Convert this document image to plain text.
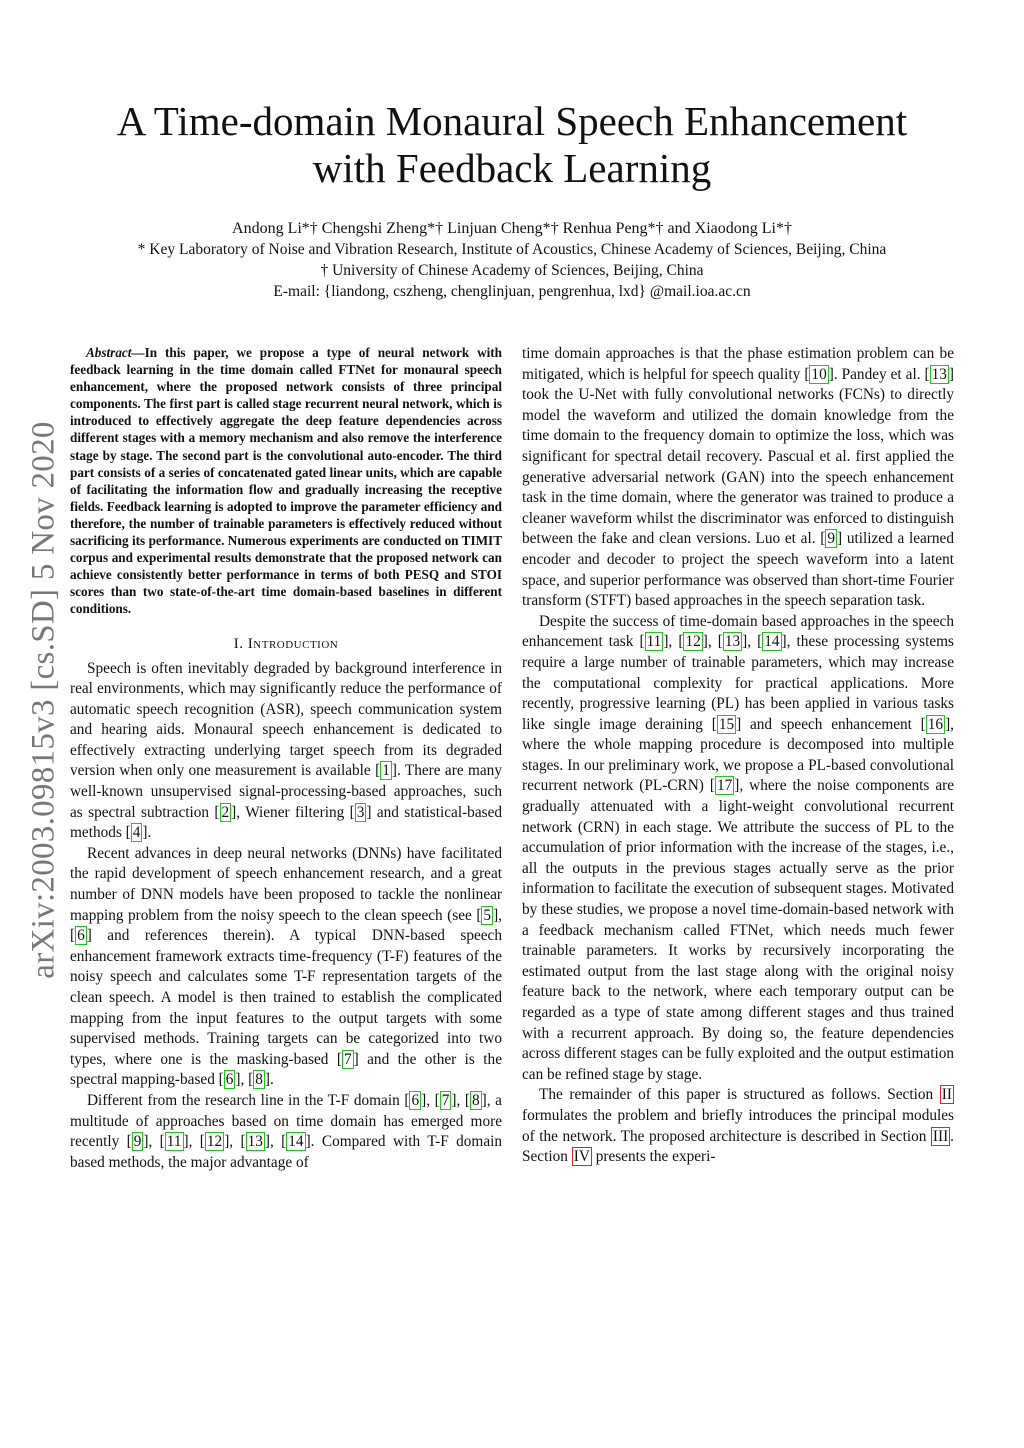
arXiv:2003.09815v3 [cs.SD] 5 Nov 2020
A Time-domain Monaural Speech Enhancement
with Feedback Learning
Andong Li*† Chengshi Zheng*† Linjuan Cheng*† Renhua Peng*† and Xiaodong Li*†
* Key Laboratory of Noise and Vibration Research, Institute of Acoustics, Chinese Academy of Sciences, Beijing, China
† University of Chinese Academy of Sciences, Beijing, China
E-mail: {liandong, cszheng, chenglinjuan, pengrenhua, lxd} @mail.ioa.ac.cn

Abstract—In this paper, we propose a type of neural network with feedback learning in the time domain called FTNet for monaural speech enhancement, where the proposed network consists of three principal components. The first part is called stage recurrent neural network, which is introduced to effectively aggregate the deep feature dependencies across different stages with a memory mechanism and also remove the interference stage by stage. The second part is the convolutional auto-encoder. The third part consists of a series of concatenated gated linear units, which are capable of facilitating the information flow and gradually increasing the receptive fields. Feedback learning is adopted to improve the parameter efficiency and therefore, the number of trainable parameters is effectively reduced without sacrificing its performance. Numerous experiments are conducted on TIMIT corpus and experimental results demonstrate that the proposed network can achieve consistently better performance in terms of both PESQ and STOI scores than two state-of-the-art time domain-based baselines in different conditions.

I. Introduction

Speech is often inevitably degraded by background interference in real environments, which may significantly reduce the performance of automatic speech recognition (ASR), speech communication system and hearing aids. Monaural speech enhancement is dedicated to effectively extracting underlying target speech from its degraded version when only one measurement is available [ 1 ]. There are many well-known unsupervised signal-processing-based approaches, such as spectral subtraction [ 2 ], Wiener filtering [ 3 ] and statistical-based methods [ 4 ].

Recent advances in deep neural networks (DNNs) have facilitated the rapid development of speech enhancement research, and a great number of DNN models have been proposed to tackle the nonlinear mapping problem from the noisy speech to the clean speech (see [ 5 ], [ 6 ] and references therein). A typical DNN-based speech enhancement framework extracts time-frequency (T-F) features of the noisy speech and calculates some T-F representation targets of the clean speech. A model is then trained to establish the complicated mapping from the input features to the output targets with some supervised methods. Training targets can be categorized into two types, where one is the masking-based [ 7 ] and the other is the spectral mapping-based [ 6 ], [ 8 ].

Different from the research line in the T-F domain [ 6 ], [ 7 ], [ 8 ], a multitude of approaches based on time domain has emerged more recently [ 9 ], [ 11 ], [ 12 ], [ 13 ], [ 14 ]. Compared with T-F domain based methods, the major advantage of

time domain approaches is that the phase estimation problem can be mitigated, which is helpful for speech quality [ 10 ]. Pandey et al. [ 13 ] took the U-Net with fully convolutional networks (FCNs) to directly model the waveform and utilized the domain knowledge from the time domain to the frequency domain to optimize the loss, which was significant for spectral detail recovery. Pascual et al. first applied the generative adversarial network (GAN) into the speech enhancement task in the time domain, where the generator was trained to produce a cleaner waveform whilst the discriminator was enforced to distinguish between the fake and clean versions. Luo et al. [ 9 ] utilized a learned encoder and decoder to project the speech waveform into a latent space, and superior performance was observed than short-time Fourier transform (STFT) based approaches in the speech separation task.

Despite the success of time-domain based approaches in the speech enhancement task [ 11 ], [ 12 ], [ 13 ], [ 14 ], these processing systems require a large number of trainable parameters, which may increase the computational complexity for practical applications. More recently, progressive learning (PL) has been applied in various tasks like single image deraining [ 15 ] and speech enhancement [ 16 ], where the whole mapping procedure is decomposed into multiple stages. In our preliminary work, we propose a PL-based convolutional recurrent network (PL-CRN) [ 17 ], where the noise components are gradually attenuated with a light-weight convolutional recurrent network (CRN) in each stage. We attribute the success of PL to the accumulation of prior information with the increase of the stages, i.e., all the outputs in the previous stages actually serve as the prior information to facilitate the execution of subsequent stages. Motivated by these studies, we propose a novel time-domain-based network with a feedback mechanism called FTNet, which needs much fewer trainable parameters. It works by recursively incorporating the estimated output from the last stage along with the original noisy feature back to the network, where each temporary output can be regarded as a type of state among different stages and thus trained with a recurrent approach. By doing so, the feature dependencies across different stages can be fully exploited and the output estimation can be refined stage by stage.

The remainder of this paper is structured as follows. Section II formulates the problem and briefly introduces the principal modules of the network. The proposed architecture is described in Section III . Section IV presents the experi-
